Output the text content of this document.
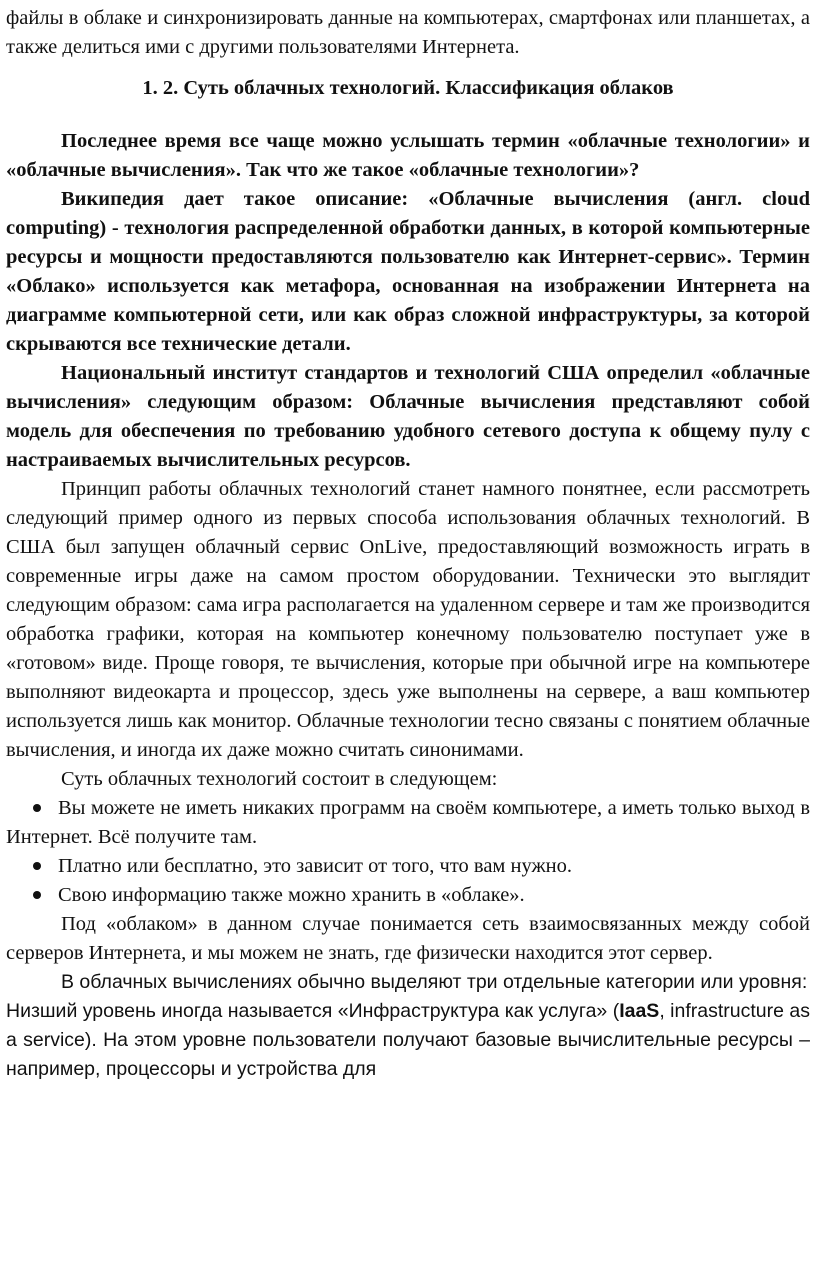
файлы в облаке и синхронизировать данные на компьютерах, смартфонах или планшетах, а также делиться ими с другими пользователями Интернета.

1. 2. Суть облачных технологий. Классификация облаков

Последнее время все чаще можно услышать термин «облачные технологии» и «облачные вычисления». Так что же такое «облачные технологии»?

Википедия дает такое описание: «Облачные вычисления (англ. cloud computing) - технология распределенной обработки данных, в которой компьютерные ресурсы и мощности предоставляются пользователю как Интернет-сервис». Термин «Облако» используется как метафора, основанная на изображении Интернета на диаграмме компьютерной сети, или как образ сложной инфраструктуры, за которой скрываются все технические детали.

Национальный институт стандартов и технологий США определил «облачные вычисления» следующим образом: Облачные вычисления представляют собой модель для обеспечения по требованию удобного сетевого доступа к общему пулу с настраиваемых вычислительных ресурсов.

Принцип работы облачных технологий станет намного понятнее, если рассмотреть следующий пример одного из первых способа использования облачных технологий. В США был запущен облачный сервис OnLive, предоставляющий возможность играть в современные игры даже на самом простом оборудовании. Технически это выглядит следующим образом: сама игра располагается на удаленном сервере и там же производится обработка графики, которая на компьютер конечному пользователю поступает уже в «готовом» виде. Проще говоря, те вычисления, которые при обычной игре на компьютере выполняют видеокарта и процессор, здесь уже выполнены на сервере, а ваш компьютер используется лишь как монитор. Облачные технологии тесно связаны с понятием облачные вычисления, и иногда их даже можно считать синонимами.

Суть облачных технологий состоит в следующем:

Вы можете не иметь никаких программ на своём компьютере, а иметь только выход в Интернет. Всё получите там.
Платно или бесплатно, это зависит от того, что вам нужно.
Свою информацию также можно хранить в «облаке».

Под «облаком» в данном случае понимается сеть взаимосвязанных между собой серверов Интернета, и мы можем не знать, где физически находится этот сервер.

В облачных вычислениях обычно выделяют три отдельные категории или уровня:

Низший уровень иногда называется «Инфраструктура как услуга» (IaaS, infrastructure as a service). На этом уровне пользователи получают базовые вычислительные ресурсы – например, процессоры и устройства для
